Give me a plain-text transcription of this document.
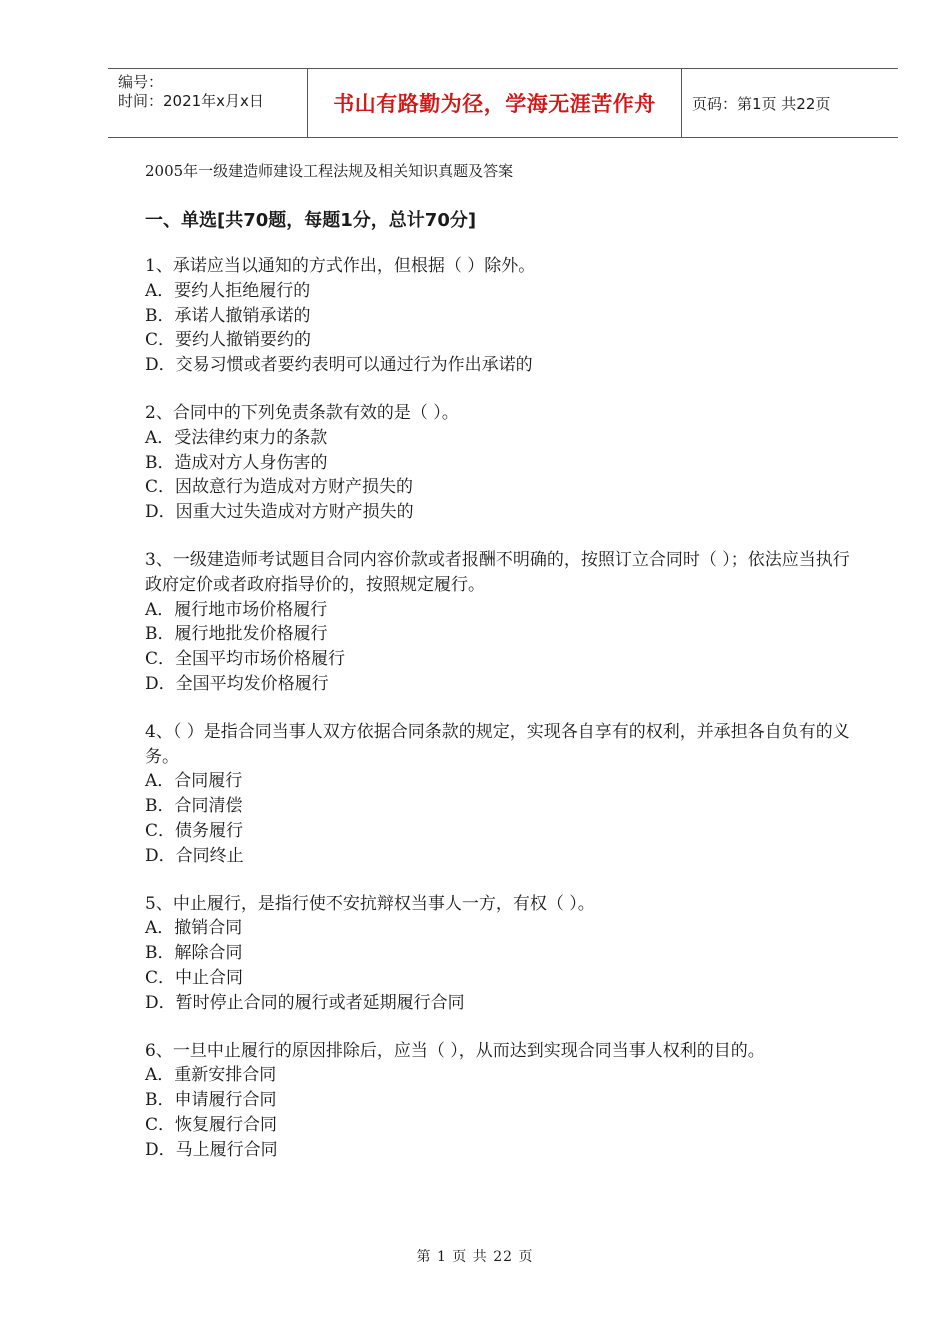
编号：
时间：2021年x月x日	书山有路勤为径，学海无涯苦作舟	页码：第1页 共22页
2005年一级建造师建设工程法规及相关知识真题及答案
一、单选[共70题，每题1分，总计70分]
1、承诺应当以通知的方式作出，但根据（ ）除外。
A．要约人拒绝履行的
B．承诺人撤销承诺的
C．要约人撤销要约的
D．交易习惯或者要约表明可以通过行为作出承诺的
2、合同中的下列免责条款有效的是（ ）。
A．受法律约束力的条款
B．造成对方人身伤害的
C．因故意行为造成对方财产损失的
D．因重大过失造成对方财产损失的
3、一级建造师考试题目合同内容价款或者报酬不明确的，按照订立合同时（ ）；依法应当执行政府定价或者政府指导价的，按照规定履行。
A．履行地市场价格履行
B．履行地批发价格履行
C．全国平均市场价格履行
D．全国平均发价格履行
4、（ ）是指合同当事人双方依据合同条款的规定，实现各自享有的权利，并承担各自负有的义务。
A．合同履行
B．合同清偿
C．债务履行
D．合同终止
5、中止履行，是指行使不安抗辩权当事人一方，有权（ ）。
A．撤销合同
B．解除合同
C．中止合同
D．暂时停止合同的履行或者延期履行合同
6、一旦中止履行的原因排除后，应当（ ），从而达到实现合同当事人权利的目的。
A．重新安排合同
B．申请履行合同
C．恢复履行合同
D．马上履行合同
第 1 页 共 22 页
